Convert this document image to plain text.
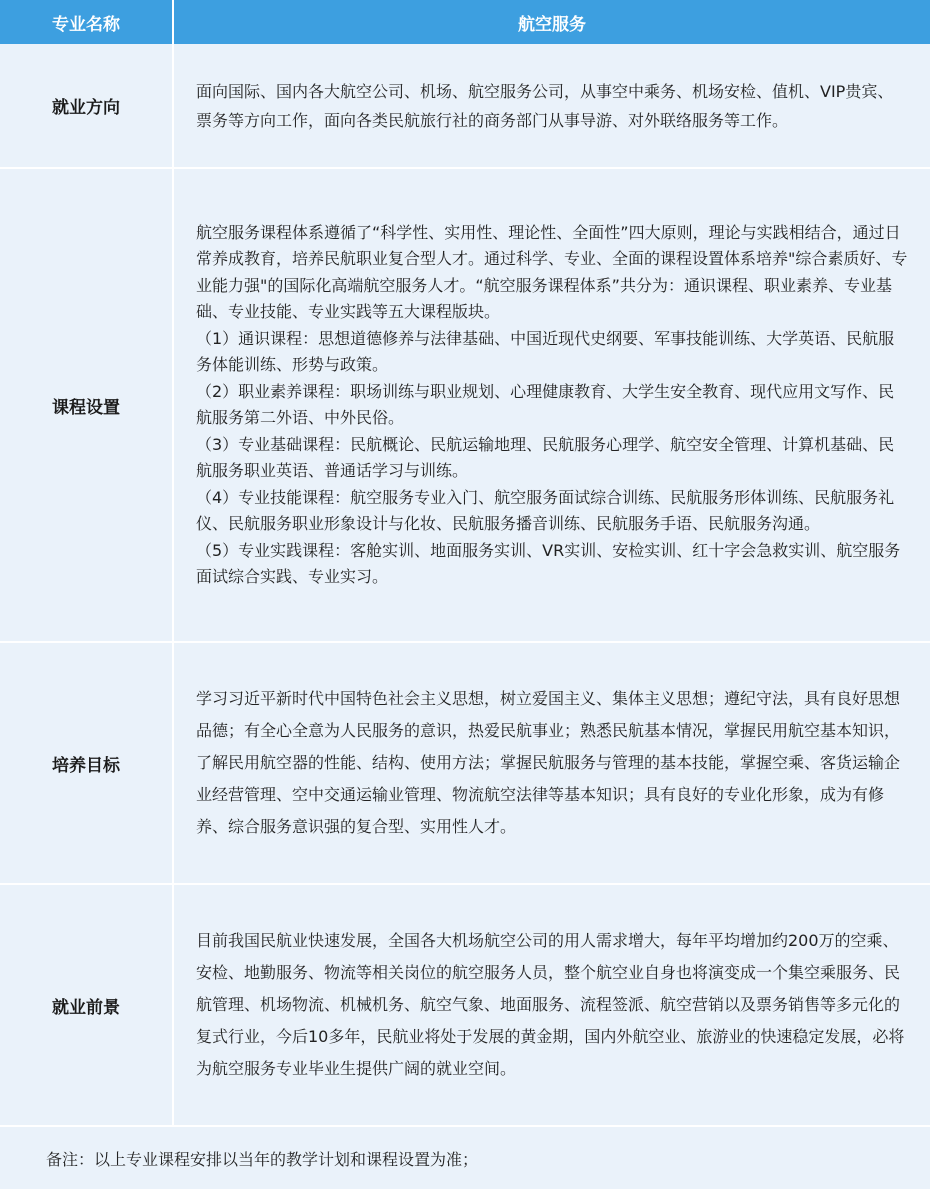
专业名称	航空服务
就业方向

面向国际、国内各大航空公司、机场、航空服务公司，从事空中乘务、机场安检、值机、VIP贵宾、票务等方向工作，面向各类民航旅行社的商务部门从事导游、对外联络服务等工作。

课程设置

航空服务课程体系遵循了“科学性、实用性、理论性、全面性”四大原则，理论与实践相结合，通过日常养成教育，培养民航职业复合型人才。通过科学、专业、全面的课程设置体系培养"综合素质好、专业能力强"的国际化高端航空服务人才。“航空服务课程体系”共分为：通识课程、职业素养、专业基础、专业技能、专业实践等五大课程版块。

（1）通识课程：思想道德修养与法律基础、中国近现代史纲要、军事技能训练、大学英语、民航服务体能训练、形势与政策。

（2）职业素养课程：职场训练与职业规划、心理健康教育、大学生安全教育、现代应用文写作、民航服务第二外语、中外民俗。

（3）专业基础课程：民航概论、民航运输地理、民航服务心理学、航空安全管理、计算机基础、民航服务职业英语、普通话学习与训练。

（4）专业技能课程：航空服务专业入门、航空服务面试综合训练、民航服务形体训练、民航服务礼仪、民航服务职业形象设计与化妆、民航服务播音训练、民航服务手语、民航服务沟通。

（5）专业实践课程：客舱实训、地面服务实训、VR实训、安检实训、红十字会急救实训、航空服务面试综合实践、专业实习。

培养目标

学习习近平新时代中国特色社会主义思想，树立爱国主义、集体主义思想；遵纪守法，具有良好思想品德；有全心全意为人民服务的意识，热爱民航事业；熟悉民航基本情况，掌握民用航空基本知识，了解民用航空器的性能、结构、使用方法；掌握民航服务与管理的基本技能，掌握空乘、客货运输企业经营管理、空中交通运输业管理、物流航空法律等基本知识；具有良好的专业化形象，成为有修养、综合服务意识强的复合型、实用性人才。

就业前景

目前我国民航业快速发展，全国各大机场航空公司的用人需求增大，每年平均增加约200万的空乘、安检、地勤服务、物流等相关岗位的航空服务人员，整个航空业自身也将演变成一个集空乘服务、民航管理、机场物流、机械机务、航空气象、地面服务、流程签派、航空营销以及票务销售等多元化的复式行业，今后10多年，民航业将处于发展的黄金期，国内外航空业、旅游业的快速稳定发展，必将为航空服务专业毕业生提供广阔的就业空间。

备注：以上专业课程安排以当年的教学计划和课程设置为准；
